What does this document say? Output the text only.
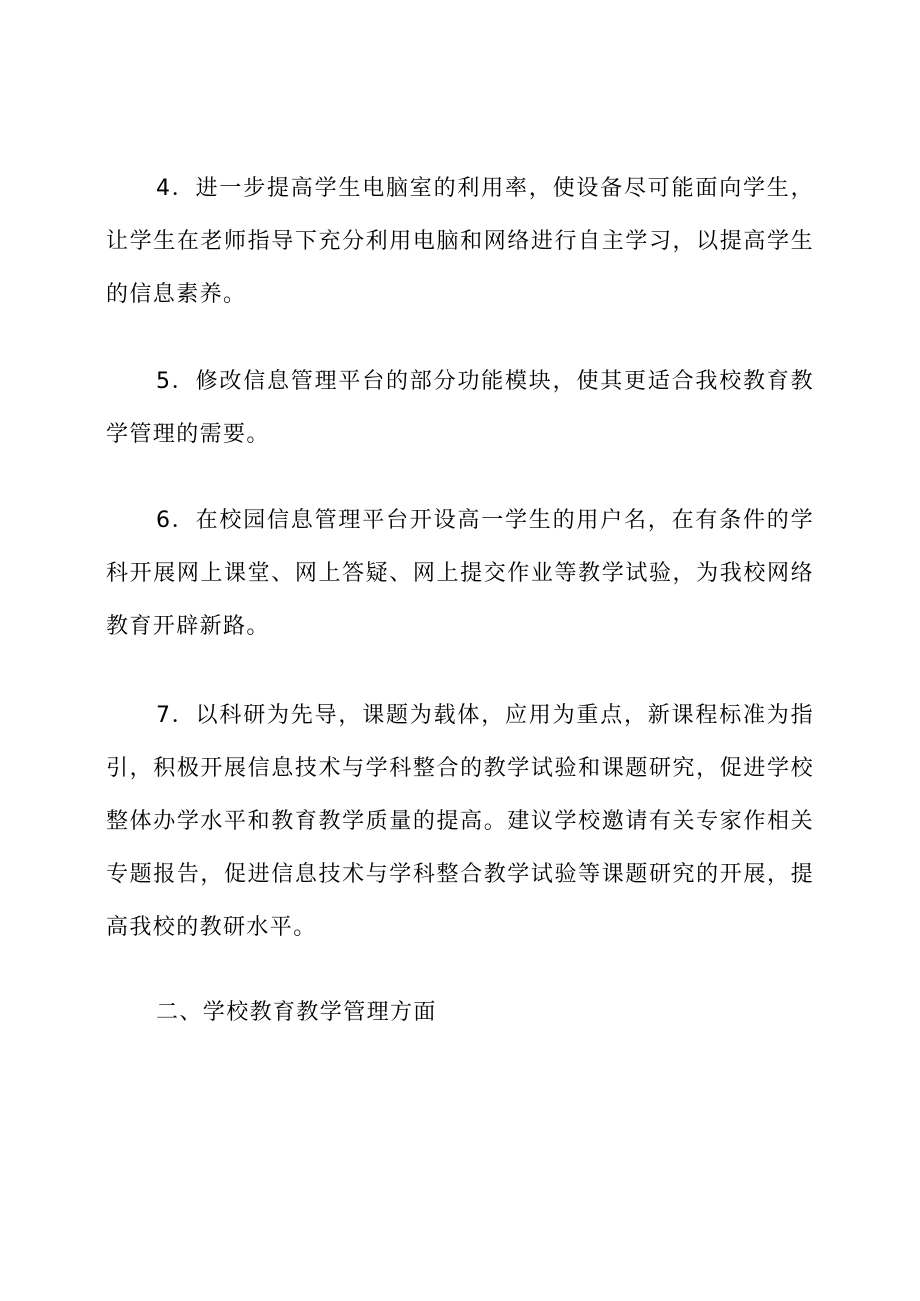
4．进一步提高学生电脑室的利用率，使设备尽可能面向学生，让学生在老师指导下充分利用电脑和网络进行自主学习，以提高学生的信息素养。

5．修改信息管理平台的部分功能模块，使其更适合我校教育教学管理的需要。

6．在校园信息管理平台开设高一学生的用户名，在有条件的学科开展网上课堂、网上答疑、网上提交作业等教学试验，为我校网络教育开辟新路。

7．以科研为先导，课题为载体，应用为重点，新课程标准为指引，积极开展信息技术与学科整合的教学试验和课题研究，促进学校整体办学水平和教育教学质量的提高。建议学校邀请有关专家作相关专题报告，促进信息技术与学科整合教学试验等课题研究的开展，提高我校的教研水平。

二、学校教育教学管理方面
